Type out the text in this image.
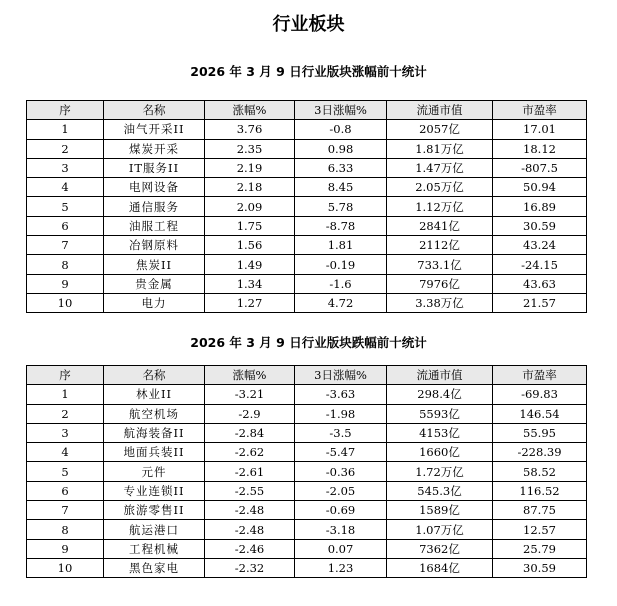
行业板块
2026 年 3 月 9 日行业版块涨幅前十统计
序	名称	涨幅%	3日涨幅%	流通市值	市盈率
1	油气开采II	3.76	-0.8	2057亿	17.01
2	煤炭开采	2.35	0.98	1.81万亿	18.12
3	IT服务II	2.19	6.33	1.47万亿	-807.5
4	电网设备	2.18	8.45	2.05万亿	50.94
5	通信服务	2.09	5.78	1.12万亿	16.89
6	油服工程	1.75	-8.78	2841亿	30.59
7	冶钢原料	1.56	1.81	2112亿	43.24
8	焦炭II	1.49	-0.19	733.1亿	-24.15
9	贵金属	1.34	-1.6	7976亿	43.63
10	电力	1.27	4.72	3.38万亿	21.57
2026 年 3 月 9 日行业版块跌幅前十统计
序	名称	涨幅%	3日涨幅%	流通市值	市盈率
1	林业II	-3.21	-3.63	298.4亿	-69.83
2	航空机场	-2.9	-1.98	5593亿	146.54
3	航海装备II	-2.84	-3.5	4153亿	55.95
4	地面兵装II	-2.62	-5.47	1660亿	-228.39
5	元件	-2.61	-0.36	1.72万亿	58.52
6	专业连锁II	-2.55	-2.05	545.3亿	116.52
7	旅游零售II	-2.48	-0.69	1589亿	87.75
8	航运港口	-2.48	-3.18	1.07万亿	12.57
9	工程机械	-2.46	0.07	7362亿	25.79
10	黑色家电	-2.32	1.23	1684亿	30.59
